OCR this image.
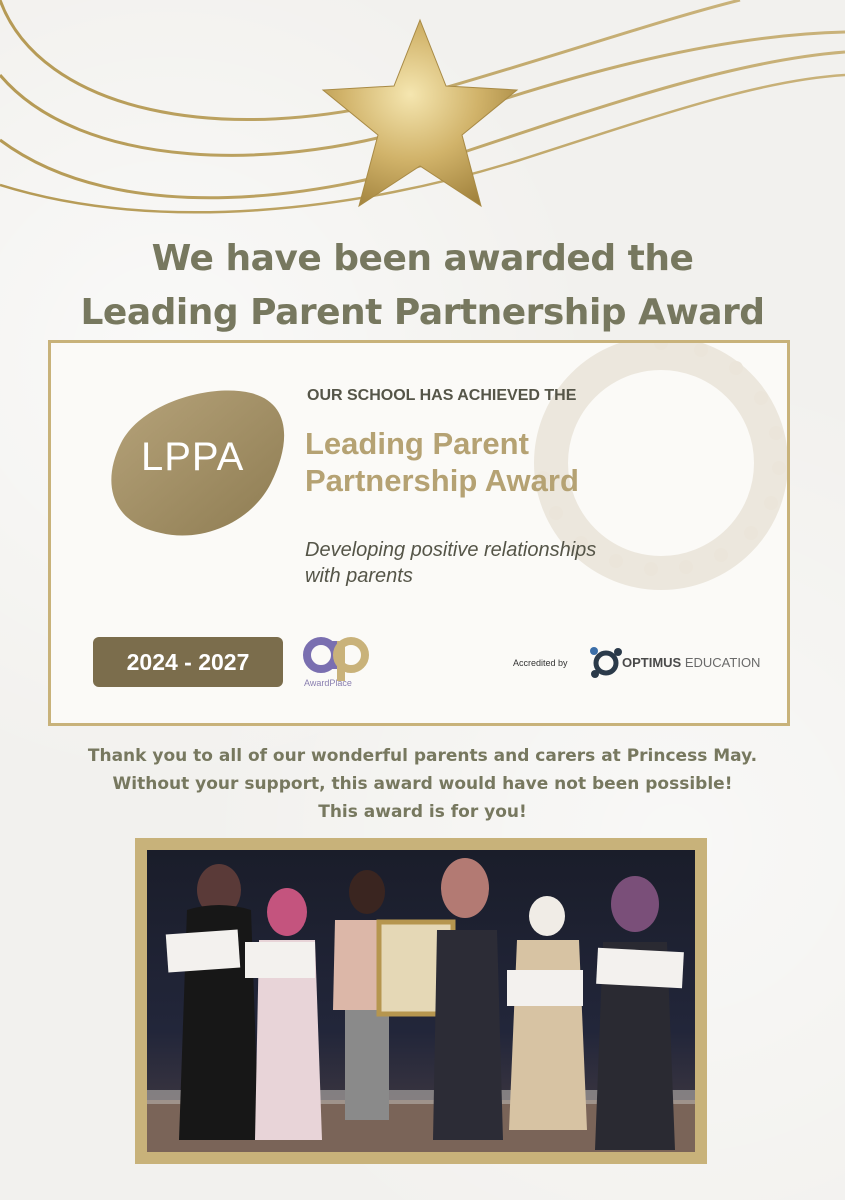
We have been awarded the
Leading Parent Partnership Award
LPPA
OUR SCHOOL HAS ACHIEVED THE
Leading Parent
Partnership Award
Developing positive relationships
with parents
2024 - 2027
AwardPlace
Accredited by	OPTIMUS EDUCATION
Thank you to all of our wonderful parents and carers at Princess May.
Without your support, this award would have not been possible!
This award is for you!
